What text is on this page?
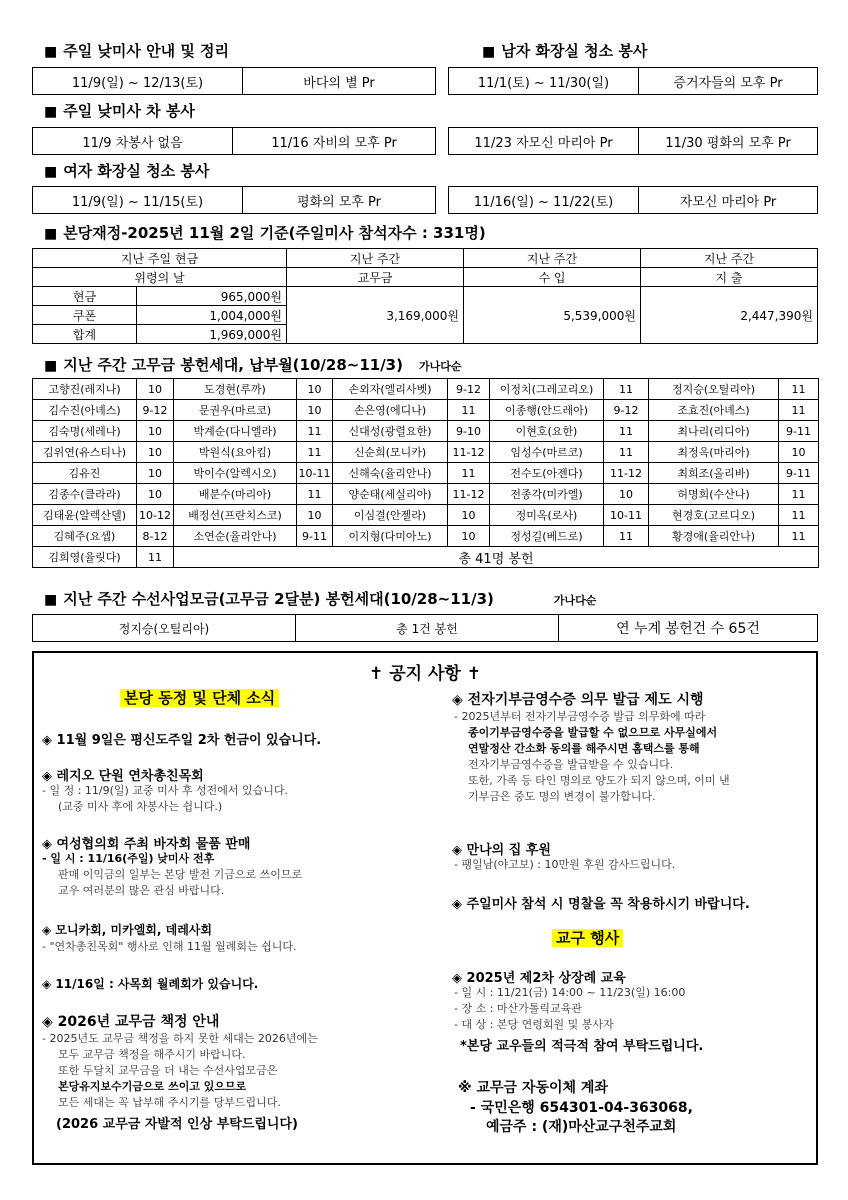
■ 주일 낮미사 안내 및 정리
11/9(일) ~ 12/13(토)	바다의 별 Pr
■ 남자 화장실 청소 봉사
11/1(토) ~ 11/30(일)	증거자들의 모후 Pr
■ 주일 낮미사 차 봉사
11/9 차봉사 없음	11/16 자비의 모후 Pr	11/23 자모신 마리아 Pr	11/30 평화의 모후 Pr
■ 여자 화장실 청소 봉사
11/9(일) ~ 11/15(토)	평화의 모후 Pr	11/16(일) ~ 11/22(토)	자모신 마리아 Pr
■ 본당재정-2025년 11월 2일 기준(주일미사 참석자수 : 331명)
지난 주일 현금		지난 주간	지난 주간	지난 주간
위령의 날		교무금	수 입	지 출
현금	965,000원	3,169,000원	5,539,000원	2,447,390원
쿠폰	1,004,000원			
합계	1,969,000원			
■ 지난 주간 고무금 봉헌세대, 납부월(10/28~11/3) 가나다순
고향진(레지나)	10	도경현(루까)	10	손외자(엘리사벳)	9-12	이정치(그레고리오)	11	정지승(오틸리아)	11
김수진(아녜스)	9-12	문권우(마르코)	10	손은영(에디나)	11	이종행(안드레아)	9-12	조효진(아녜스)	11
김숙명(세레나)	10	박계순(다니엘라)	11	신대성(광렬요한)	9-10	이현호(요한)	11	최나리(리디아)	9-11
김위연(유스티나)	10	박원식(요아킴)	11	신순희(모니카)	11-12	임성수(마르코)	11	최정옥(마리아)	10
김유진	10	박이수(알렉시오)	10-11	신해숙(율리안나)	11	전수도(아젠다)	11-12	최희조(올리바)	9-11
김종수(클라라)	10	배분수(마리아)	11	양순태(세실리아)	11-12	전종각(미카엘)	10	허명희(수산나)	11
김태윤(알렉산델)	10-12	배정선(프란치스코)	10	이심결(안젤라)	10	정미옥(로사)	10-11	현경호(고르디오)	11
김혜주(요셉)	8-12	소연순(율리안나)	9-11	이지형(다미아노)	10	정성길(베드로)	11	황경애(율리안나)	11
김희영(율릿다)	11	총 41명 봉헌							
■ 지난 주간 수선사업모금(고무금 2달분) 봉헌세대(10/28~11/3)	가나다순
정지승(오틸리아)	총 1건 봉헌	연 누계 봉헌건 수 65건
✝ 공지 사항 ✝
본당 동정 및 단체 소식
◈ 11월 9일은 평신도주일 2차 헌금이 있습니다.
◈ 레지오 단원 연차총친목회
- 일 정 : 11/9(일) 교중 미사 후 성전에서 있습니다.
(교중 미사 후에 차봉사는 쉽니다.)
◈ 여성협의회 주최 바자회 물품 판매
- 일 시 : 11/16(주일) 낮미사 전후
판매 이익금의 일부는 본당 발전 기금으로 쓰이므로
교우 여러분의 많은 관심 바랍니다.
◈ 모니카회, 미카엘회, 데레사회
- "연차총친목회" 행사로 인해 11월 월례회는 쉽니다.
◈ 11/16일 : 사목회 월례회가 있습니다.
◈ 2026년 교무금 책정 안내
- 2025년도 교무금 책정을 하지 못한 세대는 2026년에는
모두 교무금 책정을 해주시기 바랍니다.
또한 두달치 교무금을 더 내는 수선사업모금은
본당유지보수기금으로 쓰이고 있으므로
모든 세대는 꼭 납부해 주시기를 당부드립니다.
(2026 교무금 자발적 인상 부탁드립니다)
◈ 전자기부금영수증 의무 발급 제도 시행
- 2025년부터 전자기부금영수증 발급 의무화에 따라
종이기부금영수증을 발급할 수 없으므로 사무실에서
연말정산 간소화 동의를 해주시면 홈택스를 통해
전자기부금영수증을 발급받을 수 있습니다.
또한, 가족 등 타인 명의로 양도가 되지 않으며, 이미 낸
기부금은 중도 명의 변경이 불가합니다.
◈ 만나의 집 후원
- 팽일남(야고보) : 10만원 후원 감사드립니다.
◈ 주일미사 참석 시 명찰을 꼭 착용하시기 바랍니다.
교구 행사
◈ 2025년 제2차 상장례 교육
- 일 시 : 11/21(금) 14:00 ~ 11/23(일) 16:00
- 장 소 : 마산가톨릭교육관
- 대 상 : 본당 연령회원 및 봉사자
*본당 교우들의 적극적 참여 부탁드립니다.
※ 교무금 자동이체 계좌
- 국민은행 654301-04-363068,
예금주 : (재)마산교구천주교회
